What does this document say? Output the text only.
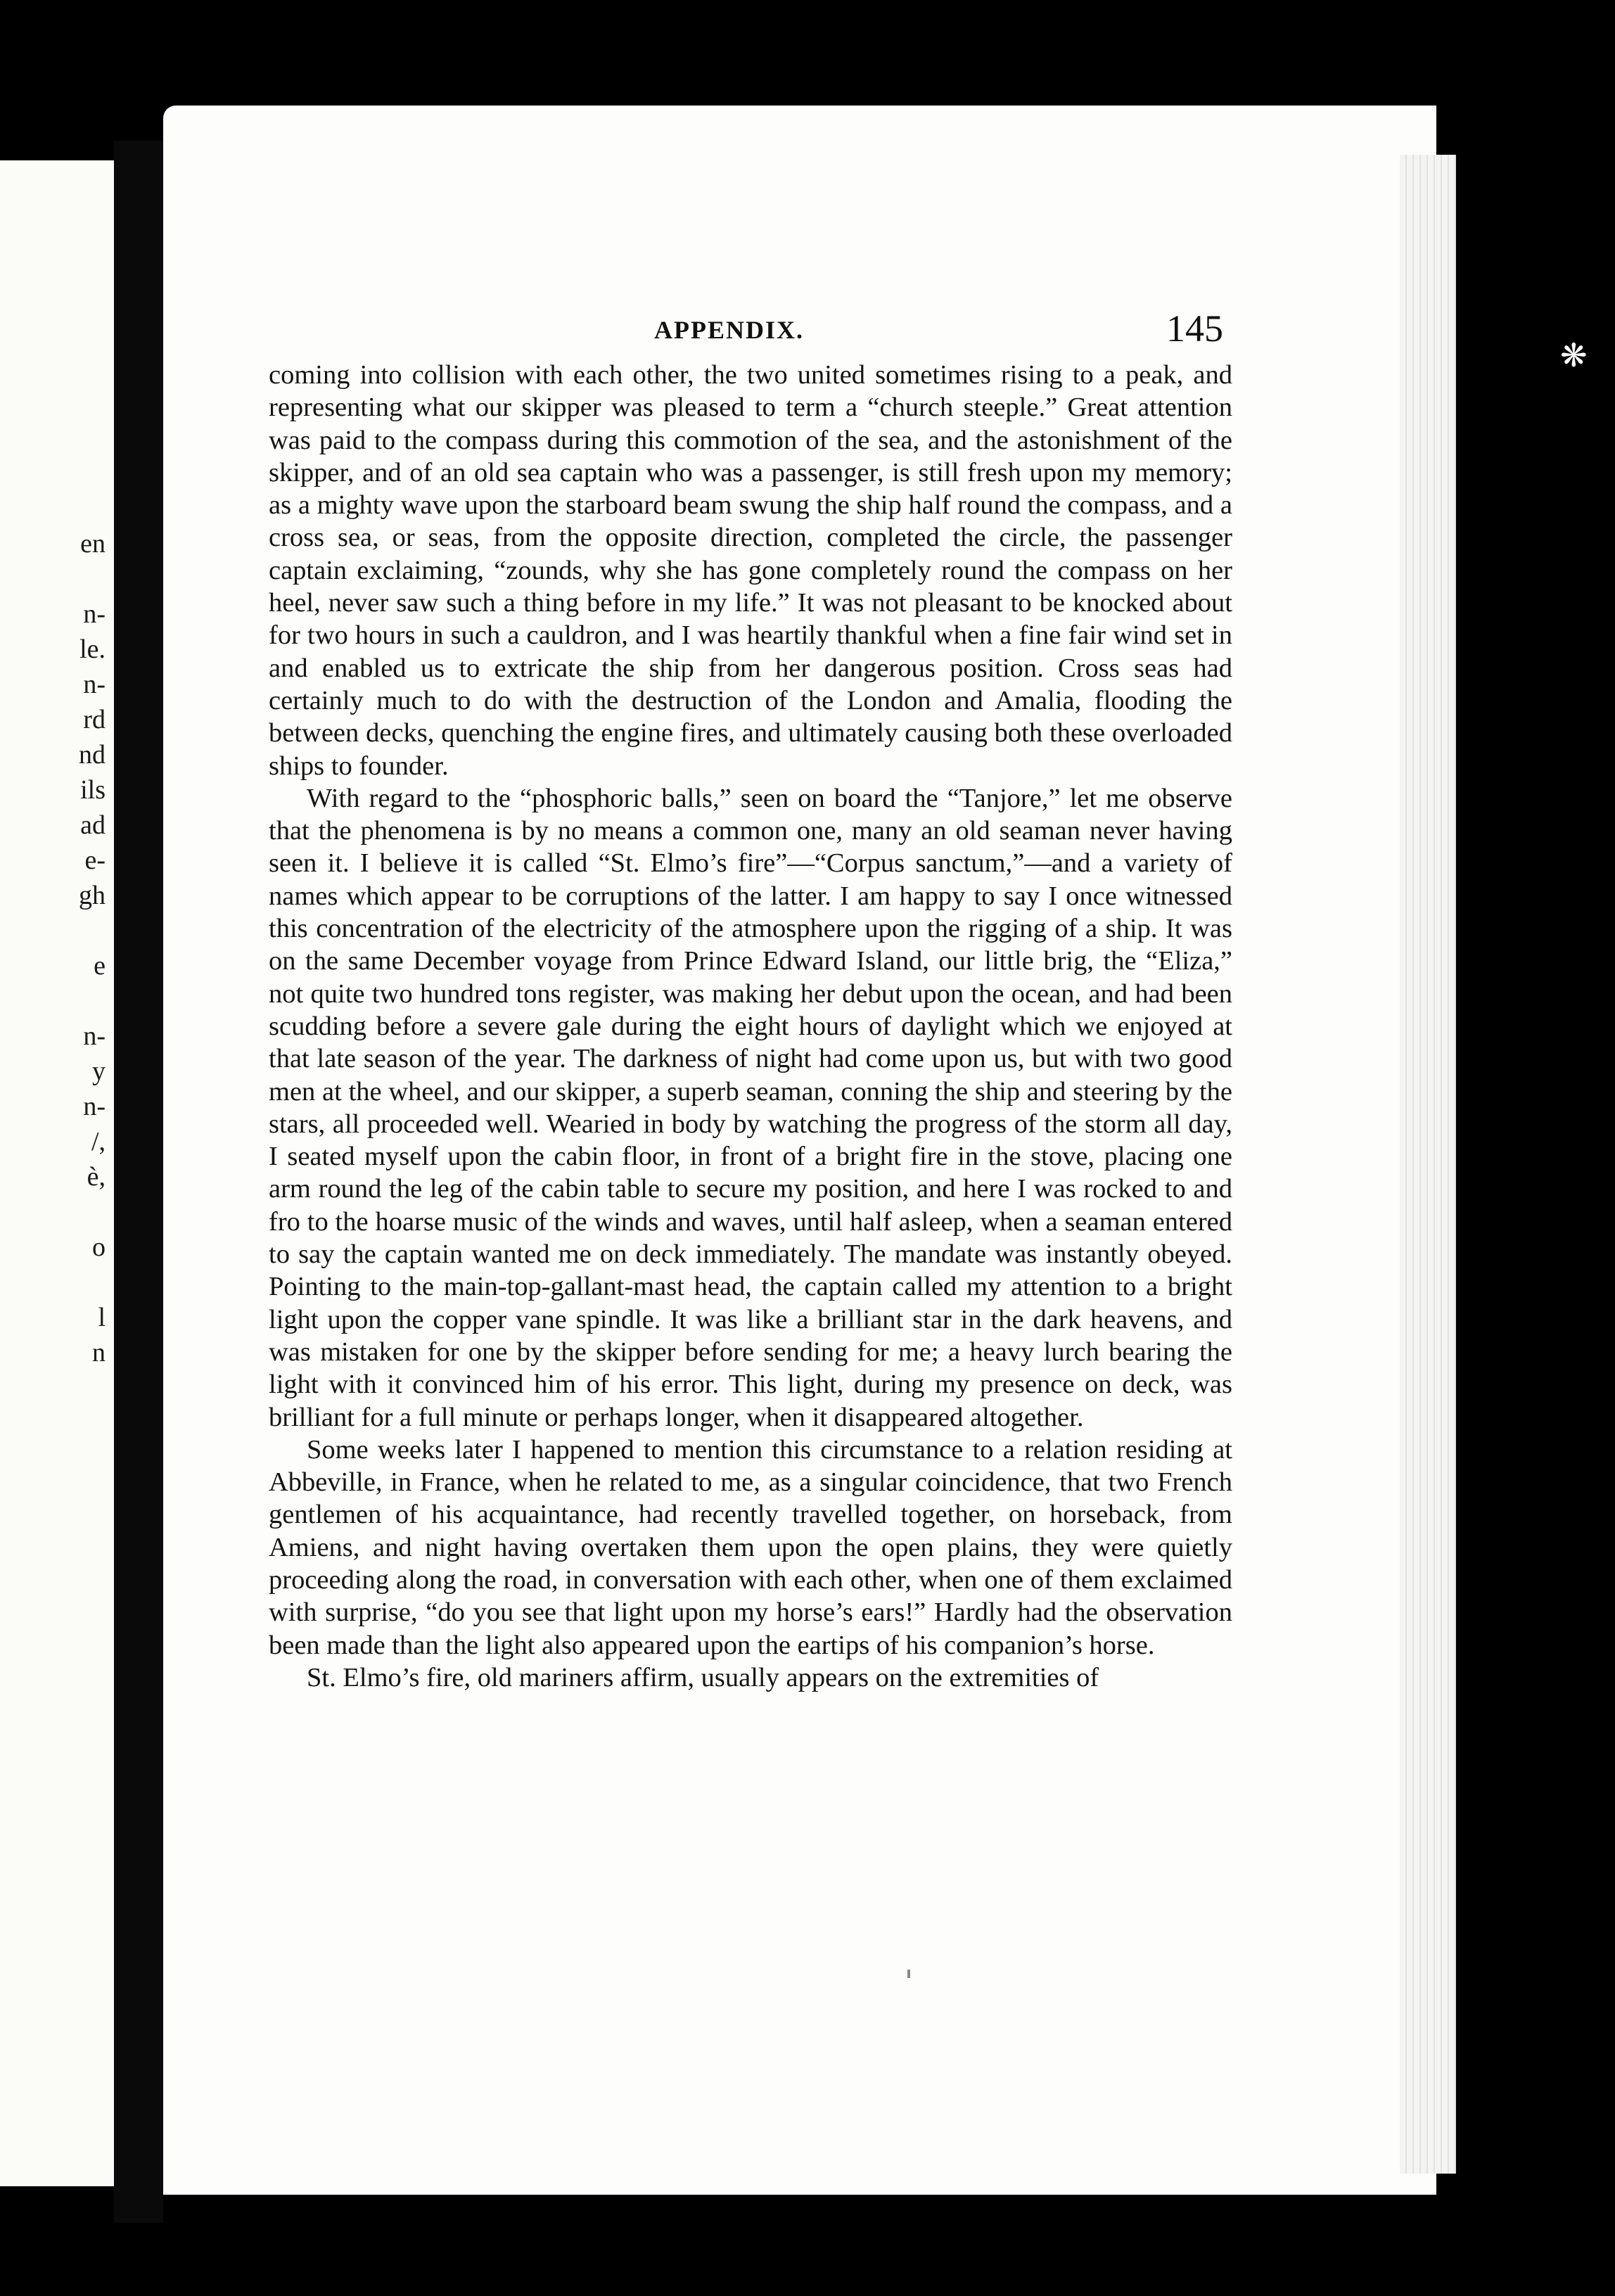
en
n-
le.
n-
rd
nd
ils
ad
e-
gh
e
n-
y
n-
/,
è,
o
l
n
APPENDIX.	145

coming into collision with each other, the two united sometimes rising to a peak, and representing what our skipper was pleased to term a “church steeple.” Great attention was paid to the compass during this commotion of the sea, and the astonishment of the skipper, and of an old sea captain who was a passenger, is still fresh upon my memory; as a mighty wave upon the starboard beam swung the ship half round the compass, and a cross sea, or seas, from the opposite direction, completed the circle, the passenger captain exclaiming, “zounds, why she has gone completely round the compass on her heel, never saw such a thing before in my life.” It was not pleasant to be knocked about for two hours in such a cauldron, and I was heartily thankful when a fine fair wind set in and enabled us to extricate the ship from her dangerous position. Cross seas had certainly much to do with the destruction of the London and Amalia, flooding the between decks, quenching the engine fires, and ultimately causing both these overloaded ships to founder.

With regard to the “phosphoric balls,” seen on board the “Tanjore,” let me observe that the phenomena is by no means a common one, many an old seaman never having seen it. I believe it is called “St. Elmo’s fire”—“Corpus sanctum,”—and a variety of names which appear to be corruptions of the latter. I am happy to say I once witnessed this concentration of the electricity of the atmosphere upon the rigging of a ship. It was on the same December voyage from Prince Edward Island, our little brig, the “Eliza,” not quite two hundred tons register, was making her debut upon the ocean, and had been scudding before a severe gale during the eight hours of daylight which we enjoyed at that late season of the year. The darkness of night had come upon us, but with two good men at the wheel, and our skipper, a superb seaman, conning the ship and steering by the stars, all proceeded well. Wearied in body by watching the progress of the storm all day, I seated myself upon the cabin floor, in front of a bright fire in the stove, placing one arm round the leg of the cabin table to secure my position, and here I was rocked to and fro to the hoarse music of the winds and waves, until half asleep, when a seaman entered to say the captain wanted me on deck immediately. The mandate was instantly obeyed. Pointing to the main-top-gallant-mast head, the captain called my attention to a bright light upon the copper vane spindle. It was like a brilliant star in the dark heavens, and was mistaken for one by the skipper before sending for me; a heavy lurch bearing the light with it convinced him of his error. This light, during my presence on deck, was brilliant for a full minute or perhaps longer, when it disappeared altogether.

Some weeks later I happened to mention this circumstance to a relation residing at Abbeville, in France, when he related to me, as a singular coincidence, that two French gentlemen of his acquaintance, had recently travelled together, on horseback, from Amiens, and night having overtaken them upon the open plains, they were quietly proceeding along the road, in conversation with each other, when one of them exclaimed with surprise, “do you see that light upon my horse’s ears!” Hardly had the observation been made than the light also appeared upon the eartips of his companion’s horse.

St. Elmo’s fire, old mariners affirm, usually appears on the extremities of

❋
